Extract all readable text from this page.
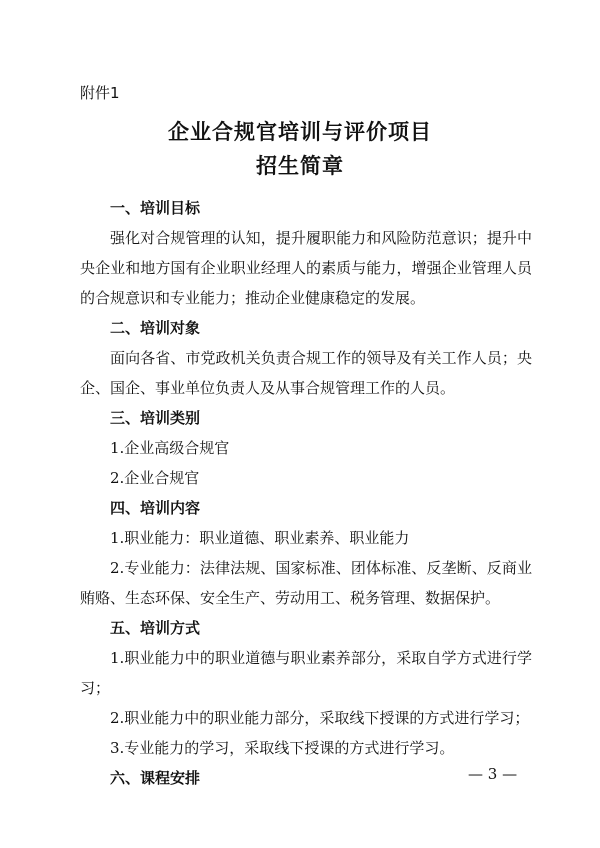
附件1
企业合规官培训与评价项目
招生简章
一、培训目标
强化对合规管理的认知，提升履职能力和风险防范意识；提升中央企业和地方国有企业职业经理人的素质与能力，增强企业管理人员的合规意识和专业能力；推动企业健康稳定的发展。
二、培训对象
面向各省、市党政机关负责合规工作的领导及有关工作人员；央企、国企、事业单位负责人及从事合规管理工作的人员。
三、培训类别
1.企业高级合规官
2.企业合规官
四、培训内容
1.职业能力：职业道德、职业素养、职业能力
2.专业能力：法律法规、国家标准、团体标准、反垄断、反商业贿赂、生态环保、安全生产、劳动用工、税务管理、数据保护。
五、培训方式
1.职业能力中的职业道德与职业素养部分，采取自学方式进行学习；
2.职业能力中的职业能力部分，采取线下授课的方式进行学习；
3.专业能力的学习，采取线下授课的方式进行学习。
六、课程安排	— 3 —
